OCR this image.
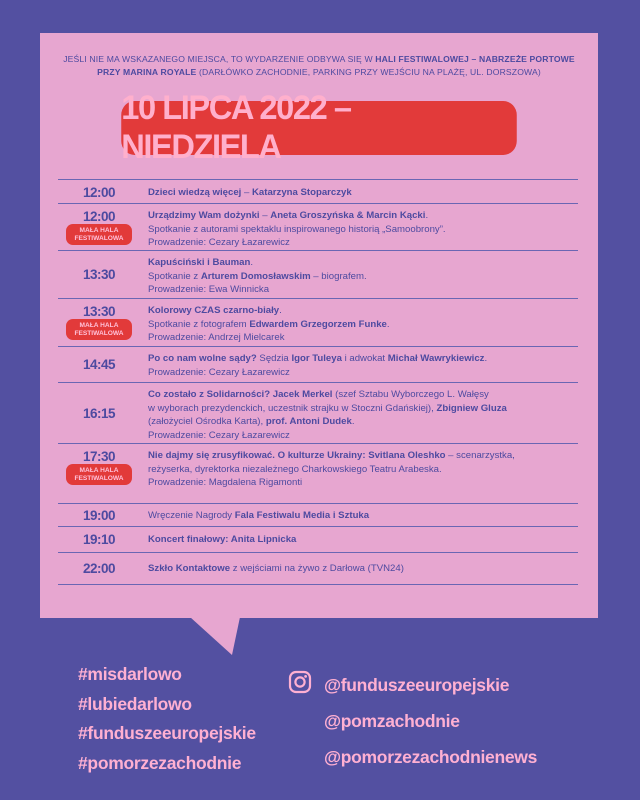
JEŚLI NIE MA WSKAZANEGO MIEJSCA, TO WYDARZENIE ODBYWA SIĘ W HALI FESTIWALOWEJ – NABRZEŻE PORTOWE PRZY MARINA ROYALE (DARŁÓWKO ZACHODNIE, PARKING PRZY WEJŚCIU NA PLAŻĘ, UL. DORSZOWA)
10 LIPCA 2022 – NIEDZIELA
12:00	Dzieci wiedzą więcej – Katarzyna Stoparczyk
12:00
MAŁA HALA FESTIWALOWA
Urządzimy Wam dożynki – Aneta Groszyńska & Marcin Kącki.
Spotkanie z autorami spektaklu inspirowanego historią „Samoobrony”.
Prowadzenie: Cezary Łazarewicz
13:30
Kapuściński i Bauman.
Spotkanie z Arturem Domosławskim – biografem.
Prowadzenie: Ewa Winnicka
13:30
MAŁA HALA FESTIWALOWA
Kolorowy CZAS czarno-biały.
Spotkanie z fotografem Edwardem Grzegorzem Funke.
Prowadzenie: Andrzej Mielcarek
14:45	Po co nam wolne sądy? Sędzia Igor Tuleya i adwokat Michał Wawrykiewicz.
Prowadzenie: Cezary Łazarewicz
16:15
Co zostało z Solidarności? Jacek Merkel (szef Sztabu Wyborczego L. Wałęsy
w wyborach prezydenckich, uczestnik strajku w Stoczni Gdańskiej), Zbigniew Gluza
(założyciel Ośrodka Karta), prof. Antoni Dudek.
Prowadzenie: Cezary Łazarewicz
17:30
MAŁA HALA FESTIWALOWA
Nie dajmy się zrusyfikować. O kulturze Ukrainy: Svitlana Oleshko – scenarzystka,
reżyserka, dyrektorka niezależnego Charkowskiego Teatru Arabeska.
Prowadzenie: Magdalena Rigamonti
19:00	Wręczenie Nagrody Fala Festiwalu Media i Sztuka
19:10	Koncert finałowy: Anita Lipnicka
22:00	Szkło Kontaktowe z wejściami na żywo z Darłowa (TVN24)
#misdarlowo
#lubiedarlowo
#funduszeeuropejskie
#pomorzezachodnie
@funduszeeuropejskie
@pomzachodnie
@pomorzezachodnienews
